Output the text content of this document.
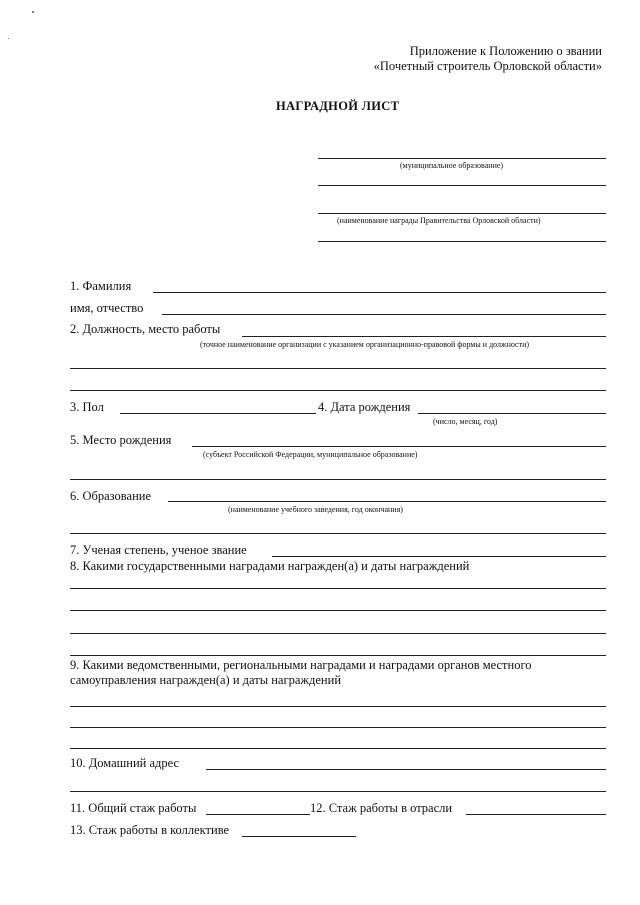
Приложение к Положению о звании
«Почетный строитель Орловской области»
НАГРАДНОЙ ЛИСТ
(муниципальное образование)
(наименование награды Правительства Орловской области)
1. Фамилия
имя, отчество
2. Должность, место работы
(точное наименование организации с указанием организационно-правовой формы и должности)
3. Пол	4. Дата рождения
(число, месяц, год)
5. Место рождения
(субъект Российской Федерации, муниципальное образование)
6. Образование
(наименование учебного заведения, год окончания)
7. Ученая степень, ученое звание
8. Какими государственными наградами награжден(а) и даты награждений
9. Какими ведомственными, региональными наградами и наградами органов местного
самоуправления награжден(а) и даты награждений
10. Домашний адрес
11. Общий стаж работы	12. Стаж работы в отрасли
13. Стаж работы в коллективе
